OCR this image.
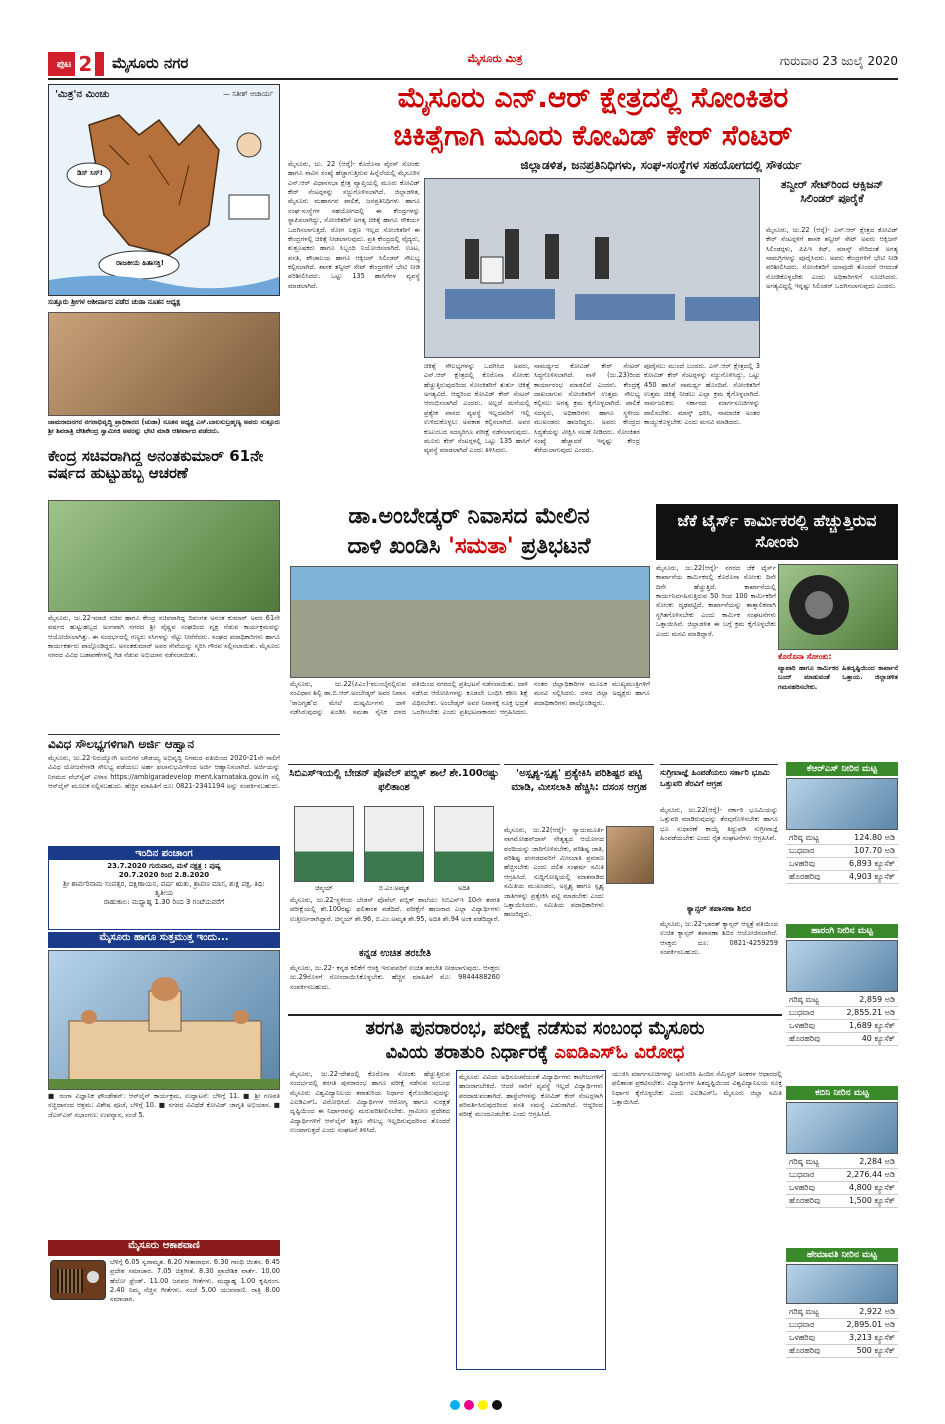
ಪುಟ 2 ಮೈಸೂರು ನಗರ	ಮೈಸೂರು ಮಿತ್ರ	ಗುರುವಾರ 23 ಜುಲೈ 2020
'ಮಿತ್ರ'ನ ಮಿಂಚು	— ಸತೀಶ್ ಆಚಾರ್ಯ
ಡಿಸ್ ಸಿಸ್!
ರಾಜಕೀಯ ಹಿತಾಸಕ್ತಿ!
ಸುತ್ತೂರು ಶ್ರೀಗಳ ಆಶೀರ್ವಾದ ಪಡೆದ ಚುಡಾ ನೂತನ ಅಧ್ಯಕ್ಷ
ಚಾಮರಾಜನಗರ ನಗರಾಭಿವೃದ್ಧಿ ಪ್ರಾಧಿಕಾರದ (ಚುಡಾ) ನೂತನ ಅಧ್ಯಕ್ಷ ಎಸ್.ಬಾಲಸುಬ್ರಹ್ಮಣ್ಯ ಅವರು ಸುತ್ತೂರು ಶ್ರೀ ಶಿವರಾತ್ರಿ ದೇಶಿಕೇಂದ್ರ ಸ್ವಾಮೀಜಿ ಅವರನ್ನು ಭೇಟಿ ಮಾಡಿ ಆಶೀರ್ವಾದ ಪಡೆದರು.
ಕೇಂದ್ರ ಸಚಿವರಾಗಿದ್ದ ಅನಂತಕುಮಾರ್ 61ನೇ ವರ್ಷದ ಹುಟ್ಟುಹಬ್ಬ ಆಚರಣೆ
ಮೈಸೂರು, ಜು.22-ಮಾಜಿ ಸಚಿವ ಹಾಗೂ ಕೇಂದ್ರ ಸಚಿವರಾಗಿದ್ದ ದಿವಂಗತ ಅನಂತ ಕುಮಾರ್ ಅವರ 61ನೇ ವರ್ಷದ ಹುಟ್ಟುಹಬ್ಬದ ಅಂಗವಾಗಿ ನಗರದ ಶ್ರೀ ವೈಷ್ಣವ ಸಂಘದಿಂದ ವೃಕ್ಷ ನೆಡುವ ಕಾರ್ಯಕ್ರಮವನ್ನು ಆಯೋಜಿಸಲಾಗಿತ್ತು. ಈ ಸಂದರ್ಭದಲ್ಲಿ ಗಣ್ಯರು ಸಸಿಗಳನ್ನು ನೆಟ್ಟು ನೀರೆರೆದರು. ಸಂಘದ ಪದಾಧಿಕಾರಿಗಳು ಹಾಗೂ ಕಾರ್ಯಕರ್ತರು ಪಾಲ್ಗೊಂಡಿದ್ದರು. ಅನಂತಕುಮಾರ್ ಅವರ ಸೇವೆಯನ್ನು ಸ್ಮರಿಸಿ ಗೌರವ ಸಲ್ಲಿಸಲಾಯಿತು. ಮೈಸೂರು ನಗರದ ವಿವಿಧ ಬಡಾವಣೆಗಳಲ್ಲಿ ಗಿಡ ನೆಡುವ ಅಭಿಯಾನ ನಡೆಸಲಾಯಿತು.
ವಿವಿಧ ಸೌಲಭ್ಯಗಳಿಗಾಗಿ ಅರ್ಜಿ ಆಹ್ವಾನ
ಮೈಸೂರು, ಜು.22-ನಿರುದ್ಯೋಗಿ ಅಂಬಿಗರ ಚೌಡಯ್ಯ ಅಭಿವೃದ್ಧಿ ನಿಗಮದ ವತಿಯಿಂದ 2020-21ನೇ ಸಾಲಿಗೆ ವಿವಿಧ ಯೋಜನೆಗಳಡಿ ಸೌಲಭ್ಯ ಪಡೆಯಲು ಅರ್ಹ ಫಲಾನುಭವಿಗಳಿಂದ ಅರ್ಜಿ ಆಹ್ವಾನಿಸಲಾಗಿದೆ. ಅರ್ಜಿಯನ್ನು ನಿಗಮದ ವೆಬ್‍ಸೈಟ್ ವಿಳಾಸ https://ambigaradevelop ment.karnataka.gov.in ನಲ್ಲಿ ಆನ್‍ಲೈನ್ ಮೂಲಕ ಸಲ್ಲಿಸಬಹುದು. ಹೆಚ್ಚಿನ ಮಾಹಿತಿಗೆ ದೂ: 0821-2341194 ಅನ್ನು ಸಂಪರ್ಕಿಸಬಹುದು.
ಇಂದಿನ ಪಂಚಾಂಗ
23.7.2020 ಗುರುವಾರ, ಮಳೆ ನಕ್ಷತ್ರ : ಪುಷ್ಯ
20.7.2020 ರಿಂದ 2.8.2020
ಶ್ರೀ ಶಾರ್ವರಿನಾಮ ಸಂವತ್ಸರ, ದಕ್ಷಿಣಾಯನ, ವರ್ಷ ಋತು, ಶ್ರಾವಣ ಮಾಸ, ಶುಕ್ಲ ಪಕ್ಷ, ತಿಥಿ: ತೃತೀಯ
ರಾಹುಕಾಲ: ಮಧ್ಯಾಹ್ನ 1.30 ರಿಂದ 3 ಗಂಟೆಯವರೆಗೆ
ಮೈಸೂರು ಹಾಗೂ ಸುತ್ತಮುತ್ತ ಇಂದು...
■ ರಂಗಾ ವಿಜ್ಞಾನಿಕ ಫೌಂಡೇಶನ್: ಆನ್‍ಲೈನ್ ಕಾರ್ಯಕ್ರಮ, ಉದ್ಘಾಟನೆ: ಬೆಳಿಗ್ಗೆ 11. ■ ಶ್ರೀ ಗಣಪತಿ ಸಚ್ಚಿದಾನಂದ ಆಶ್ರಮ: ವಿಶೇಷ ಪೂಜೆ, ಬೆಳಿಗ್ಗೆ 10. ■ ನಗರದ ವಿವಿಧೆಡೆ ಕೋವಿಡ್ ಜಾಗೃತಿ ಅಭಿಯಾನ. ■ ಜೆಎಸ್‍ಎಸ್ ಸಭಾಂಗಣ: ಉಪನ್ಯಾಸ, ಸಂಜೆ 5.
ಮೈಸೂರು ಆಕಾಶವಾಣಿ
ಬೆಳಿಗ್ಗೆ 6.05 ಸ್ವರಾಮೃತ. 6.20 ಗೀತಾರಾಧನ. 6.30 ಗಾಂಧಿ ಚಿಂತನ. 6.45 ಪ್ರದೇಶ ಸಮಾಚಾರ. 7.05 ಚಿತ್ರಗೀತೆ. 8.30 ಪ್ರಾದೇಶಿಕ ವಾರ್ತೆ. 10.00 ಹೆಲೋ ಫ್ರೆಂಡ್. 11.00 ಜನಪದ ಗೀತೆಗಳು. ಮಧ್ಯಾಹ್ನ 1.00 ಕೃಷಿರಂಗ. 2.40 ನಿಮ್ಮ ನೆಚ್ಚಿನ ಗೀತೆಗಳು. ಸಂಜೆ 5.00 ಯುವವಾಣಿ. ರಾತ್ರಿ 8.00 ಸಮಾಚಾರ.
ಮೈಸೂರು ಎನ್.ಆರ್ ಕ್ಷೇತ್ರದಲ್ಲಿ ಸೋಂಕಿತರ
ಚಿಕಿತ್ಸೆಗಾಗಿ ಮೂರು ಕೋವಿಡ್ ಕೇರ್ ಸೆಂಟರ್
ಜಿಲ್ಲಾಡಳಿತ, ಜನಪ್ರತಿನಿಧಿಗಳು, ಸಂಘ-ಸಂಸ್ಥೆಗಳ ಸಹಯೋಗದಲ್ಲಿ ಸೌಕರ್ಯ
ಮೈಸೂರು, ಜು. 22 (ಆರ್‍ಕೆ)- ಕೊರೊನಾ ವೈರಸ್ ಸೋಂಕು ಹಾಗೂ ಸಾವಿನ ಸಂಖ್ಯೆ ಹೆಚ್ಚಾಗುತ್ತಿರುವ ಹಿನ್ನೆಲೆಯಲ್ಲಿ ಮೈಸೂರಿನ ಎನ್.ಆರ್ ವಿಧಾನಸಭಾ ಕ್ಷೇತ್ರ ವ್ಯಾಪ್ತಿಯಲ್ಲಿ ಮೂರು ಕೋವಿಡ್ ಕೇರ್ ಸೆಂಟರ್‍ಗಳನ್ನು ಸಜ್ಜುಗೊಳಿಸಲಾಗಿದೆ. ಜಿಲ್ಲಾಡಳಿತ, ಮೈಸೂರು ಮಹಾನಗರ ಪಾಲಿಕೆ, ಜನಪ್ರತಿನಿಧಿಗಳು ಹಾಗೂ ಸಂಘ-ಸಂಸ್ಥೆಗಳ ಸಹಯೋಗದಲ್ಲಿ ಈ ಕೇಂದ್ರಗಳನ್ನು ಸ್ಥಾಪಿಸಲಾಗಿದ್ದು, ಸೋಂಕಿತರಿಗೆ ಅಗತ್ಯ ಚಿಕಿತ್ಸೆ ಹಾಗೂ ಸೌಕರ್ಯ ಒದಗಿಸಲಾಗುತ್ತಿದೆ. ರೋಗ ಲಕ್ಷಣ ಇಲ್ಲದ ಸೋಂಕಿತರಿಗೆ ಈ ಕೇಂದ್ರಗಳಲ್ಲಿ ಚಿಕಿತ್ಸೆ ನೀಡಲಾಗುವುದು. ಪ್ರತಿ ಕೇಂದ್ರದಲ್ಲಿ ವೈದ್ಯರು, ಶುಶ್ರೂಷಕರು ಹಾಗೂ ಸಿಬ್ಬಂದಿ ನಿಯೋಜಿಸಲಾಗಿದೆ. ಊಟ, ವಸತಿ, ಶೌಚಾಲಯ ಹಾಗೂ ಆಕ್ಸಿಜನ್ ಸಿಲಿಂಡರ್ ಸೌಲಭ್ಯ ಕಲ್ಪಿಸಲಾಗಿದೆ. ಶಾಸಕ ತನ್ವೀರ್ ಸೇಟ್ ಕೇಂದ್ರಗಳಿಗೆ ಭೇಟಿ ನೀಡಿ ಪರಿಶೀಲಿಸಿದರು. ಒಟ್ಟು 135 ಹಾಸಿಗೆಗಳ ವ್ಯವಸ್ಥೆ ಮಾಡಲಾಗಿದೆ.
ಚಿಕಿತ್ಸೆ ಸೌಲಭ್ಯಗಳನ್ನು ಒದಗಿಸಿದ ಅವರು, ಎನ್.ಆರ್ ಕ್ಷೇತ್ರದಲ್ಲಿ ಕೊರೊನಾ ಸೋಂಕು ಹೆಚ್ಚುತ್ತಿರುವುದರಿಂದ ಸೋಂಕಿತರಿಗೆ ತುರ್ತು ಚಿಕಿತ್ಸೆ ಅಗತ್ಯವಿದೆ. ಆದ್ದರಿಂದ ಕೋವಿಡ್ ಕೇರ್ ಸೆಂಟರ್ ಆರಂಭಿಸಲಾಗಿದೆ ಎಂದರು. ಅಲ್ಲದೆ ಮನೆಯಲ್ಲಿ ಪ್ರತ್ಯೇಕ ವಾಸದ ವ್ಯವಸ್ಥೆ ಇಲ್ಲದವರಿಗೆ ಇಲ್ಲಿ ಉಳಿದುಕೊಳ್ಳಲು ಅವಕಾಶ ಕಲ್ಪಿಸಲಾಗಿದೆ. ಅವರ ಕುಟುಂಬದ ಸದಸ್ಯರಿಗೂ ಪರೀಕ್ಷೆ ನಡೆಸಲಾಗುವುದು. ಮೂರು ಕೇರ್ ಸೆಂಟರ್‍ಗಳಲ್ಲಿ ಒಟ್ಟು 135 ಹಾಸಿಗೆ ವ್ಯವಸ್ಥೆ ಮಾಡಲಾಗಿದೆ ಎಂದು ತಿಳಿಸಿದರು.
ಸಾಮರ್ಥ್ಯದ ಕೋವಿಡ್ ಕೇರ್ ಸೆಂಟರ್ ಸಿದ್ಧಗೊಳಿಸಲಾಗಿದೆ. ನಾಳೆ (ಜು.23)ರಿಂದ ಕಾರ್ಯಾರಂಭ ಮಾಡಲಿದೆ ಎಂದರು. ಕೇಂದ್ರಕ್ಕೆ ದಾಖಲಾಗುವ ಸೋಂಕಿತರಿಗೆ ಉತ್ತಮ ಸೌಲಭ್ಯ ಕಲ್ಪಿಸಲು ಅಗತ್ಯ ಕ್ರಮ ಕೈಗೊಳ್ಳಲಾಗಿದೆ. ಪಾಲಿಕೆ ಸದಸ್ಯರು, ಅಧಿಕಾರಿಗಳು ಹಾಗೂ ಸ್ಥಳೀಯ ಮುಖಂಡರು ಹಾಜರಿದ್ದರು. ಅವರು ಕೇಂದ್ರದ ಸಿದ್ಧತೆಯನ್ನು ವೀಕ್ಷಿಸಿ ಸಲಹೆ ನೀಡಿದರು. ಸೋಂಕಿತರ ಸಂಖ್ಯೆ ಹೆಚ್ಚಾದರೆ ಇನ್ನಷ್ಟು ಕೇಂದ್ರ ತೆರೆಯಲಾಗುವುದು ಎಂದರು.
ಪೂರೈಸಲು ಮುಂದೆ ಬಂದರು. ಎನ್.ಆರ್ ಕ್ಷೇತ್ರದಲ್ಲಿ 3 ಕೋವಿಡ್ ಕೇರ್ ಸೆಂಟರ್‍ಗಳನ್ನು ಸಜ್ಜುಗೊಳಿಸಿದ್ದು, ಒಟ್ಟು 450 ಹಾಸಿಗೆ ಸಾಮರ್ಥ್ಯ ಹೊಂದಿವೆ. ಸೋಂಕಿತರಿಗೆ ಉತ್ತಮ ಚಿಕಿತ್ಸೆ ನೀಡಲು ಎಲ್ಲಾ ಕ್ರಮ ಕೈಗೊಳ್ಳಲಾಗಿದೆ. ಸಾರ್ವಜನಿಕರು ಸರ್ಕಾರದ ಮಾರ್ಗಸೂಚಿಗಳನ್ನು ಪಾಲಿಸಬೇಕು. ಮಾಸ್ಕ್ ಧರಿಸಿ, ಸಾಮಾಜಿಕ ಅಂತರ ಕಾಯ್ದುಕೊಳ್ಳಬೇಕು ಎಂದು ಮನವಿ ಮಾಡಿದರು.
ತನ್ವೀರ್ ಸೇಟ್‍ರಿಂದ ಆಕ್ಸಿಜನ್ ಸಿಲಿಂಡರ್ ಪೂರೈಕೆ
ಮೈಸೂರು, ಜು.22 (ಆರ್‍ಕೆ)- ಎನ್.ಆರ್ ಕ್ಷೇತ್ರದ ಕೋವಿಡ್ ಕೇರ್ ಸೆಂಟರ್‍ಗಳಿಗೆ ಶಾಸಕ ತನ್ವೀರ್ ಸೇಟ್ ಅವರು ಆಕ್ಸಿಜನ್ ಸಿಲಿಂಡರ್‍ಗಳು, ಪಿಪಿಇ ಕಿಟ್, ಮಾಸ್ಕ್ ಸೇರಿದಂತೆ ಅಗತ್ಯ ಸಾಮಗ್ರಿಗಳನ್ನು ಪೂರೈಸಿದರು. ಅವರು ಕೇಂದ್ರಗಳಿಗೆ ಭೇಟಿ ನೀಡಿ ಪರಿಶೀಲಿಸಿದರು. ಸೋಂಕಿತರಿಗೆ ಯಾವುದೇ ತೊಂದರೆ ಆಗದಂತೆ ನೋಡಿಕೊಳ್ಳಬೇಕು ಎಂದು ಅಧಿಕಾರಿಗಳಿಗೆ ಸೂಚಿಸಿದರು. ಅಗತ್ಯವಿದ್ದಲ್ಲಿ ಇನ್ನಷ್ಟು ಸಿಲಿಂಡರ್ ಒದಗಿಸಲಾಗುವುದು ಎಂದರು.
ಡಾ.ಅಂಬೇಡ್ಕರ್ ನಿವಾಸದ ಮೇಲಿನ
ದಾಳಿ ಖಂಡಿಸಿ 'ಸಮತಾ' ಪ್ರತಿಭಟನೆ
ಮೈಸೂರು, ಜು.22(ಪಿಎಂ)-ಮುಂಬೈನಲ್ಲಿರುವ ಸಂವಿಧಾನ ಶಿಲ್ಪಿ ಡಾ.ಬಿ.ಆರ್.ಅಂಬೇಡ್ಕರ್ ಅವರ ನಿವಾಸ 'ರಾಜಗೃಹ'ದ ಮೇಲೆ ದುಷ್ಕರ್ಮಿಗಳು ದಾಳಿ ನಡೆಸಿರುವುದನ್ನು ಖಂಡಿಸಿ ಸಮತಾ ಸೈನಿಕ ದಳದ ವತಿಯಿಂದ ನಗರದಲ್ಲಿ ಪ್ರತಿಭಟನೆ ನಡೆಸಲಾಯಿತು. ದಾಳಿ ನಡೆಸಿದ ಆರೋಪಿಗಳನ್ನು ಕೂಡಲೇ ಬಂಧಿಸಿ ಕಠಿಣ ಶಿಕ್ಷೆ ವಿಧಿಸಬೇಕು. ಅಂಬೇಡ್ಕರ್ ಅವರ ನಿವಾಸಕ್ಕೆ ಸೂಕ್ತ ಭದ್ರತೆ ಒದಗಿಸಬೇಕು ಎಂದು ಪ್ರತಿಭಟನಾಕಾರರು ಆಗ್ರಹಿಸಿದರು. ನಂತರ ಜಿಲ್ಲಾಧಿಕಾರಿಗಳ ಮೂಲಕ ಮುಖ್ಯಮಂತ್ರಿಗಳಿಗೆ ಮನವಿ ಸಲ್ಲಿಸಿದರು. ದಳದ ಜಿಲ್ಲಾ ಅಧ್ಯಕ್ಷರು ಹಾಗೂ ಪದಾಧಿಕಾರಿಗಳು ಪಾಲ್ಗೊಂಡಿದ್ದರು.
ಜೆಕೆ ಟೈರ್ಸ್ ಕಾರ್ಮಿಕರಲ್ಲಿ ಹೆಚ್ಚುತ್ತಿರುವ ಸೋಂಕು
ಮೈಸೂರು, ಜು.22(ಆರ್‍ಕೆ)- ನಗರದ ಜೆಕೆ ಟೈರ್ಸ್ ಕಾರ್ಖಾನೆಯ ಕಾರ್ಮಿಕರಲ್ಲಿ ಕೊರೊನಾ ಸೋಂಕು ದಿನೇ ದಿನೇ ಹೆಚ್ಚುತ್ತಿದೆ. ಕಾರ್ಖಾನೆಯಲ್ಲಿ ಕಾರ್ಯನಿರ್ವಹಿಸುತ್ತಿರುವ 50 ರಿಂದ 100 ಕಾರ್ಮಿಕರಿಗೆ ಸೋಂಕು ದೃಢಪಟ್ಟಿದೆ. ಕಾರ್ಖಾನೆಯನ್ನು ತಾತ್ಕಾಲಿಕವಾಗಿ ಸ್ಥಗಿತಗೊಳಿಸಬೇಕು ಎಂದು ಕಾರ್ಮಿಕ ಸಂಘಟನೆಗಳು ಒತ್ತಾಯಿಸಿವೆ. ಜಿಲ್ಲಾಡಳಿತ ಈ ಬಗ್ಗೆ ಕ್ರಮ ಕೈಗೊಳ್ಳಬೇಕು ಎಂದು ಮನವಿ ಮಾಡಿದ್ದಾರೆ.
ಕೊರೊನಾ ಸೋಂಕು:
ವ್ಯಾಪಾರಿ ಹಾಗೂ ಕಾರ್ಮಿಕರ ಹಿತದೃಷ್ಟಿಯಿಂದ ಕಾರ್ಖಾನೆ ಬಂದ್ ಮಾಡುವಂತೆ ಒತ್ತಾಯ. ಜಿಲ್ಲಾಡಳಿತ ಗಮನಹರಿಸಬೇಕು.
ಸಿಬಿಎಸ್‍ಇಯಲ್ಲಿ ಬೇಡನ್ ಪೊವೆಲ್ ಪಬ್ಲಿಕ್ ಶಾಲೆ ಶೇ.100ರಷ್ಟು ಫಲಿತಾಂಶ
ಚಿನ್ಮಯ್	ಬಿ.ಎಂ.ಅಮೃತ	ಅದಿತಿ
ಮೈಸೂರು, ಜು.22-ಸ್ಥಳೀಯ ಬೇಡನ್ ಪೊವೆಲ್ ಪಬ್ಲಿಕ್ ಶಾಲೆಯು ಸಿಬಿಎಸ್‍ಇ 10ನೇ ತರಗತಿ ಪರೀಕ್ಷೆಯಲ್ಲಿ ಶೇ.100ರಷ್ಟು ಫಲಿತಾಂಶ ಪಡೆದಿದೆ. ಪರೀಕ್ಷೆಗೆ ಹಾಜರಾದ ಎಲ್ಲಾ ವಿದ್ಯಾರ್ಥಿಗಳು ಉತ್ತೀರ್ಣರಾಗಿದ್ದಾರೆ. ಚಿನ್ಮಯ್ ಶೇ.96, ಬಿ.ಎಂ.ಅಮೃತ ಶೇ.95, ಅದಿತಿ ಶೇ.94 ಅಂಕ ಪಡೆದಿದ್ದಾರೆ.
ಕನ್ನಡ ಉಚಿತ ತರಬೇತಿ
ಮೈಸೂರು, ಜು.22- ಕನ್ನಡ ಕಲಿಕೆಗೆ ಆಸಕ್ತಿ ಇರುವವರಿಗೆ ಉಚಿತ ತರಬೇತಿ ನೀಡಲಾಗುವುದು. ಆಸಕ್ತರು ಜು.29ರೊಳಗೆ ನೋಂದಾಯಿಸಿಕೊಳ್ಳಬೇಕು. ಹೆಚ್ಚಿನ ಮಾಹಿತಿಗೆ ಮೊ: 9844488260 ಸಂಪರ್ಕಿಸಬಹುದು.
'ಅಸ್ಪೃಶ್ಯ-ಸ್ಪೃಶ್ಯ' ಪ್ರತ್ಯೇಕಿಸಿ ಪರಿಶಿಷ್ಟರ ಪಟ್ಟಿ ಮಾಡಿ, ಮೀಸಲಾತಿ ಹೆಚ್ಚಿಸಿ: ದಸಂಸ ಆಗ್ರಹ
ಮೈಸೂರು, ಜು.22(ಆರ್‍ಕೆ)- ನ್ಯಾಯಮೂರ್ತಿ ನಾಗಮೋಹನ್‍ದಾಸ್ ನೇತೃತ್ವದ ಆಯೋಗದ ವರದಿಯನ್ನು ಜಾರಿಗೊಳಿಸಬೇಕು, ಪರಿಶಿಷ್ಟ ಜಾತಿ, ಪರಿಶಿಷ್ಟ ಪಂಗಡದವರಿಗೆ ಮೀಸಲಾತಿ ಪ್ರಮಾಣ ಹೆಚ್ಚಿಸಬೇಕು ಎಂದು ದಲಿತ ಸಂಘರ್ಷ ಸಮಿತಿ ಆಗ್ರಹಿಸಿದೆ. ಸುದ್ದಿಗೋಷ್ಠಿಯಲ್ಲಿ ಮಾತನಾಡಿದ ಸಮಿತಿಯ ಮುಖಂಡರು, ಅಸ್ಪೃಶ್ಯ ಹಾಗೂ ಸ್ಪೃಶ್ಯ ಜಾತಿಗಳನ್ನು ಪ್ರತ್ಯೇಕಿಸಿ ಪಟ್ಟಿ ಮಾಡಬೇಕು ಎಂದು ಒತ್ತಾಯಿಸಿದರು. ಸಮಿತಿಯ ಪದಾಧಿಕಾರಿಗಳು ಹಾಜರಿದ್ದರು.
ಸುಗ್ರೀವಾಜ್ಞೆ ಹಿಂಪಡೆಯಲು ಸರ್ಕಾರಿ ಭೂಮಿ ಒತ್ತುವರಿ ತೆರವಿಗೆ ಆಗ್ರಹ
ಮೈಸೂರು, ಜು.22(ಆರ್‍ಕೆ)- ಸರ್ಕಾರಿ ಭೂಮಿಯನ್ನು ಒತ್ತುವರಿ ಮಾಡಿರುವುದನ್ನು ತೆರವುಗೊಳಿಸಬೇಕು ಹಾಗೂ ಭೂ ಸುಧಾರಣೆ ಕಾಯ್ದೆ ತಿದ್ದುಪಡಿ ಸುಗ್ರೀವಾಜ್ಞೆ ಹಿಂಪಡೆಯಬೇಕು ಎಂದು ರೈತ ಸಂಘಟನೆಗಳು ಆಗ್ರಹಿಸಿವೆ.
ಕ್ಯಾನ್ಸರ್ ತಪಾಸಣಾ ಶಿಬಿರ
ಮೈಸೂರು, ಜು.22-ಭಾರತ್ ಕ್ಯಾನ್ಸರ್ ಆಸ್ಪತ್ರೆ ವತಿಯಿಂದ ಉಚಿತ ಕ್ಯಾನ್ಸರ್ ತಪಾಸಣಾ ಶಿಬಿರ ಆಯೋಜಿಸಲಾಗಿದೆ. ಆಸಕ್ತರು ದೂ: 0821-4259259 ಸಂಪರ್ಕಿಸಬಹುದು.
ತರಗತಿ ಪುನರಾರಂಭ, ಪರೀಕ್ಷೆ ನಡೆಸುವ ಸಂಬಂಧ ಮೈಸೂರು
ವಿವಿಯ ತರಾತುರಿ ನಿರ್ಧಾರಕ್ಕೆ ಎಐಡಿಎಸ್‍ಓ ವಿರೋಧ
ಮೈಸೂರು, ಜು.22-ದೇಶದಲ್ಲಿ ಕೊರೊನಾ ಸೋಂಕು ಹೆಚ್ಚುತ್ತಿರುವ ಸಂದರ್ಭದಲ್ಲಿ ತರಗತಿ ಪುನರಾರಂಭ ಹಾಗೂ ಪರೀಕ್ಷೆ ನಡೆಸುವ ಸಂಬಂಧ ಮೈಸೂರು ವಿಶ್ವವಿದ್ಯಾನಿಲಯ ತರಾತುರಿಯ ನಿರ್ಧಾರ ಕೈಗೊಂಡಿರುವುದನ್ನು ಎಐಡಿಎಸ್‍ಓ ವಿರೋಧಿಸಿದೆ. ವಿದ್ಯಾರ್ಥಿಗಳ ಆರೋಗ್ಯ ಹಾಗೂ ಸುರಕ್ಷತೆ ದೃಷ್ಟಿಯಿಂದ ಈ ನಿರ್ಧಾರವನ್ನು ಮರುಪರಿಶೀಲಿಸಬೇಕು. ಗ್ರಾಮೀಣ ಪ್ರದೇಶದ ವಿದ್ಯಾರ್ಥಿಗಳಿಗೆ ಆನ್‍ಲೈನ್ ಶಿಕ್ಷಣ ಸೌಲಭ್ಯ ಇಲ್ಲದಿರುವುದರಿಂದ ತೊಂದರೆ ಉಂಟಾಗುತ್ತದೆ ಎಂದು ಸಂಘಟನೆ ತಿಳಿಸಿದೆ.
ಮೈಸೂರು ವಿವಿಯ ಅಧಿಸೂಚನೆಯಂತೆ ವಿದ್ಯಾರ್ಥಿಗಳು ಕಾಲೇಜುಗಳಿಗೆ ಹಾಜರಾಗಬೇಕಿದೆ. ಆದರೆ ಸಾರಿಗೆ ವ್ಯವಸ್ಥೆ ಇಲ್ಲದೆ ವಿದ್ಯಾರ್ಥಿಗಳು ಪರದಾಡುವಂತಾಗಿದೆ. ಹಾಸ್ಟೆಲ್‍ಗಳನ್ನು ಕೋವಿಡ್ ಕೇರ್ ಸೆಂಟರ್‍ಗಳಾಗಿ ಪರಿವರ್ತಿಸಿರುವುದರಿಂದ ವಸತಿ ಸಮಸ್ಯೆ ಎದುರಾಗಿದೆ. ಆದ್ದರಿಂದ ಪರೀಕ್ಷೆ ಮುಂದೂಡಬೇಕು ಎಂದು ಆಗ್ರಹಿಸಿದೆ.
ಯುಜಿಸಿ ಮಾರ್ಗಸೂಚಿಗಳನ್ನು ಅನುಸರಿಸಿ ಹಿಂದಿನ ಸೆಮಿಸ್ಟರ್ ಅಂಕಗಳ ಆಧಾರದಲ್ಲಿ ಫಲಿತಾಂಶ ಪ್ರಕಟಿಸಬೇಕು. ವಿದ್ಯಾರ್ಥಿಗಳ ಹಿತದೃಷ್ಟಿಯಿಂದ ವಿಶ್ವವಿದ್ಯಾನಿಲಯ ಸೂಕ್ತ ನಿರ್ಧಾರ ಕೈಗೊಳ್ಳಬೇಕು ಎಂದು ಎಐಡಿಎಸ್‍ಓ ಮೈಸೂರು ಜಿಲ್ಲಾ ಸಮಿತಿ ಒತ್ತಾಯಿಸಿದೆ.
ಕೆಆರ್‌ಎಸ್ ನೀರಿನ ಮಟ್ಟ
ಗರಿಷ್ಠ ಮಟ್ಟ	124.80 ಅಡಿ
ಬುಧವಾರ	107.70 ಅಡಿ
ಒಳಹರಿವು	6,893 ಕ್ಯೂಸೆಕ್
ಹೊರಹರಿವು	4,903 ಕ್ಯೂಸೆಕ್
ಹಾರಂಗಿ ನೀರಿನ ಮಟ್ಟ
ಗರಿಷ್ಠ ಮಟ್ಟ	2,859 ಅಡಿ
ಬುಧವಾರ	2,855.21 ಅಡಿ
ಒಳಹರಿವು	1,689 ಕ್ಯೂಸೆಕ್
ಹೊರಹರಿವು	40 ಕ್ಯೂಸೆಕ್
ಕಬಿನಿ ನೀರಿನ ಮಟ್ಟ
ಗರಿಷ್ಠ ಮಟ್ಟ	2,284 ಅಡಿ
ಬುಧವಾರ	2,276.44 ಅಡಿ
ಒಳಹರಿವು	4,800 ಕ್ಯೂಸೆಕ್
ಹೊರಹರಿವು	1,500 ಕ್ಯೂಸೆಕ್
ಹೇಮಾವತಿ ನೀರಿನ ಮಟ್ಟ
ಗರಿಷ್ಠ ಮಟ್ಟ	2,922 ಅಡಿ
ಬುಧವಾರ	2,895.01 ಅಡಿ
ಒಳಹರಿವು	3,213 ಕ್ಯೂಸೆಕ್
ಹೊರಹರಿವು	500 ಕ್ಯೂಸೆಕ್
